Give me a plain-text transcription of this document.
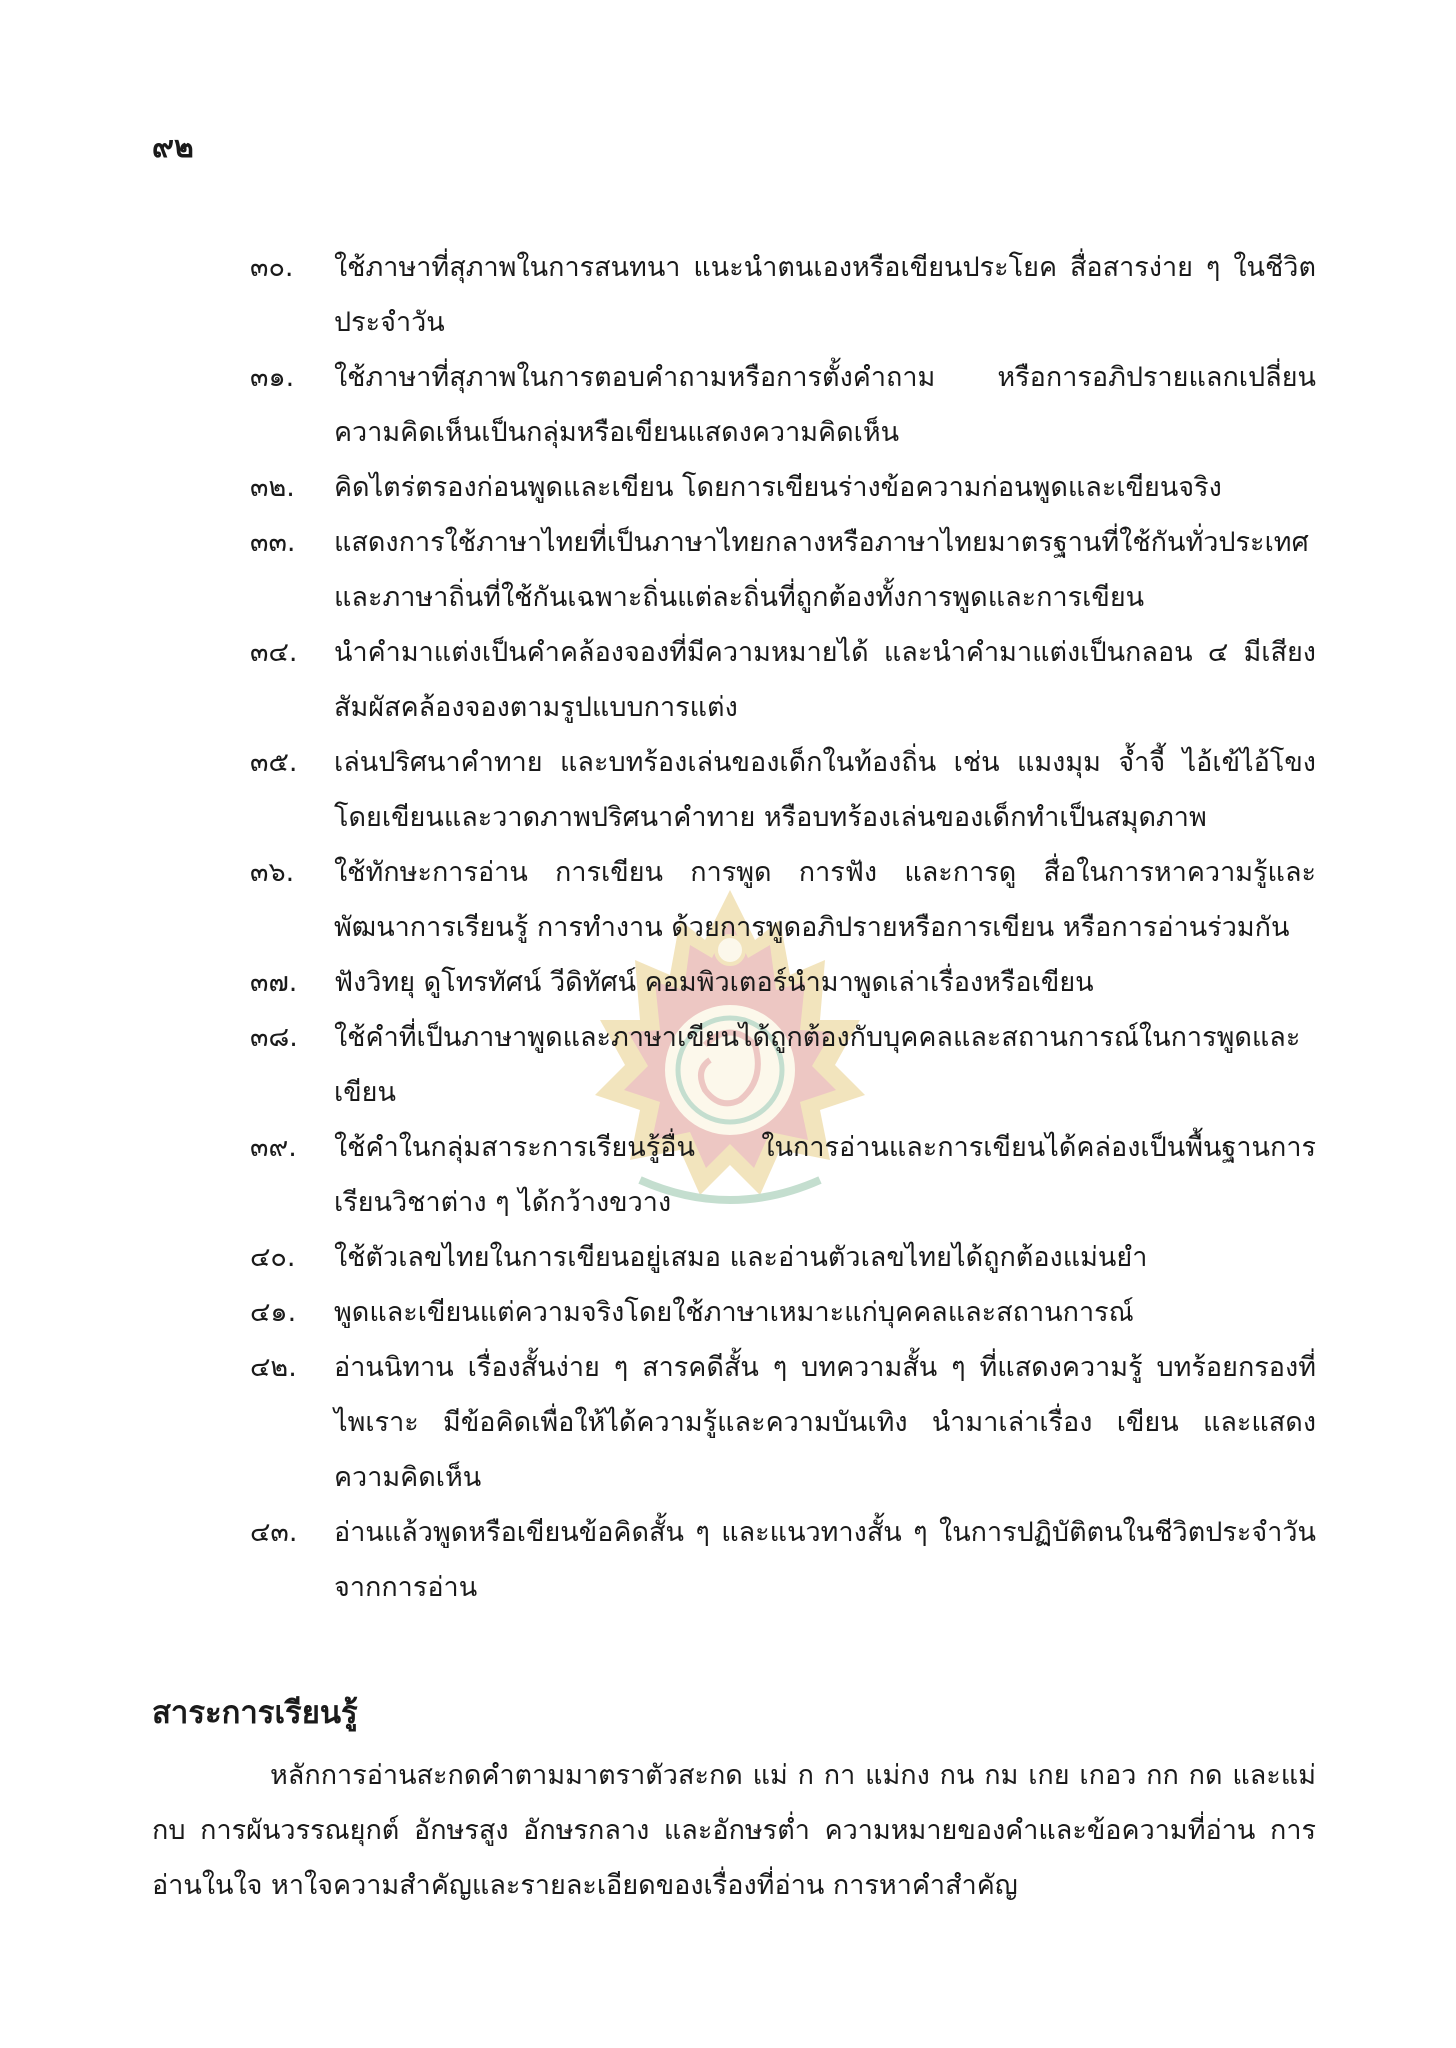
๙๒
๓๐.	ใช้ภาษาที่สุภาพในการสนทนา แนะนำตนเองหรือเขียนประโยค สื่อสารง่าย ๆ ในชีวิตประจำวัน
๓๑.	ใช้ภาษาที่สุภาพในการตอบคำถามหรือการตั้งคำถาม หรือการอภิปรายแลกเปลี่ยนความคิดเห็นเป็นกลุ่มหรือเขียนแสดงความคิดเห็น
๓๒.	คิดไตร่ตรองก่อนพูดและเขียน โดยการเขียนร่างข้อความก่อนพูดและเขียนจริง
๓๓.	แสดงการใช้ภาษาไทยที่เป็นภาษาไทยกลางหรือภาษาไทยมาตรฐานที่ใช้กันทั่วประเทศและภาษาถิ่นที่ใช้กันเฉพาะถิ่นแต่ละถิ่นที่ถูกต้องทั้งการพูดและการเขียน
๓๔.	นำคำมาแต่งเป็นคำคล้องจองที่มีความหมายได้ และนำคำมาแต่งเป็นกลอน ๔ มีเสียงสัมผัสคล้องจองตามรูปแบบการแต่ง
๓๕.	เล่นปริศนาคำทาย และบทร้องเล่นของเด็กในท้องถิ่น เช่น แมงมุม จ้ำจี้ ไอ้เข้ไอ้โขง โดยเขียนและวาดภาพปริศนาคำทาย หรือบทร้องเล่นของเด็กทำเป็นสมุดภาพ
๓๖.	ใช้ทักษะการอ่าน การเขียน การพูด การฟัง และการดู สื่อในการหาความรู้และพัฒนาการเรียนรู้ การทำงาน ด้วยการพูดอภิปรายหรือการเขียน หรือการอ่านร่วมกัน
๓๗.	ฟังวิทยุ ดูโทรทัศน์ วีดิทัศน์ คอมพิวเตอร์นำมาพูดเล่าเรื่องหรือเขียน
๓๘.	ใช้คำที่เป็นภาษาพูดและภาษาเขียนได้ถูกต้องกับบุคคลและสถานการณ์ในการพูดและเขียน
๓๙.	ใช้คำในกลุ่มสาระการเรียนรู้อื่น ในการอ่านและการเขียนได้คล่องเป็นพื้นฐานการเรียนวิชาต่าง ๆ ได้กว้างขวาง
๔๐.	ใช้ตัวเลขไทยในการเขียนอยู่เสมอ และอ่านตัวเลขไทยได้ถูกต้องแม่นยำ
๔๑.	พูดและเขียนแต่ความจริงโดยใช้ภาษาเหมาะแก่บุคคลและสถานการณ์
๔๒.	อ่านนิทาน เรื่องสั้นง่าย ๆ สารคดีสั้น ๆ บทความสั้น ๆ ที่แสดงความรู้ บทร้อยกรองที่ไพเราะ มีข้อคิดเพื่อให้ได้ความรู้และความบันเทิง นำมาเล่าเรื่อง เขียน และแสดงความคิดเห็น
๔๓.	อ่านแล้วพูดหรือเขียนข้อคิดสั้น ๆ และแนวทางสั้น ๆ ในการปฏิบัติตนในชีวิตประจำวันจากการอ่าน
สาระการเรียนรู้

หลักการอ่านสะกดคำตามมาตราตัวสะกด แม่ ก กา แม่กง กน กม เกย เกอว กก กด และแม่กบ การผันวรรณยุกต์ อักษรสูง อักษรกลาง และอักษรต่ำ ความหมายของคำและข้อความที่อ่าน การอ่านในใจ หาใจความสำคัญและรายละเอียดของเรื่องที่อ่าน การหาคำสำคัญ
